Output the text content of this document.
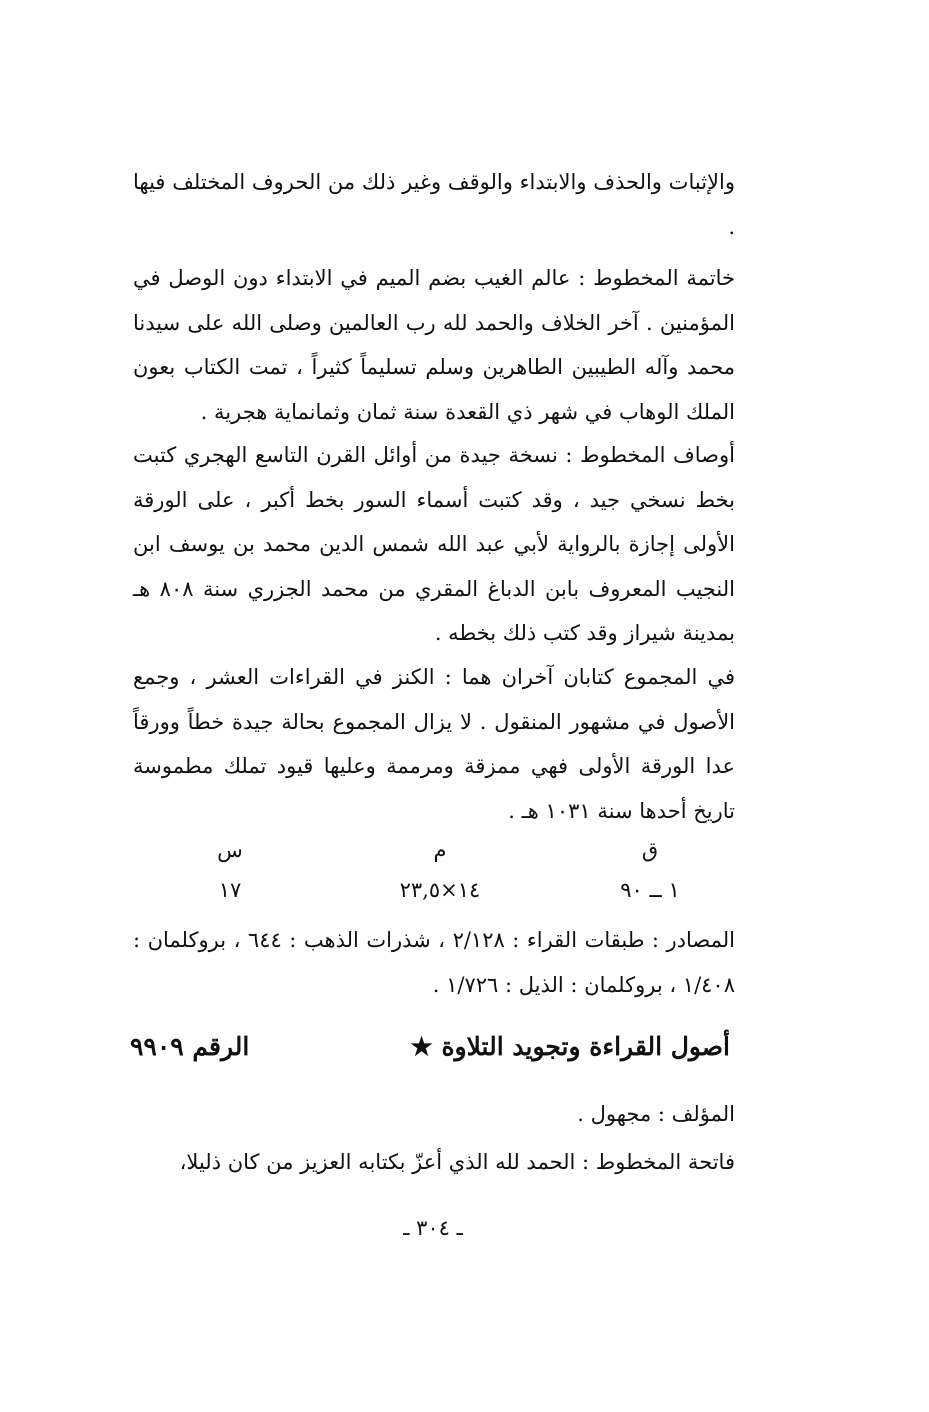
والإثبات والحذف والابتداء والوقف وغير ذلك من الحروف المختلف فيها .

خاتمة المخطوط : عالم الغيب بضم الميم في الابتداء دون الوصل في المؤمنين . آخر الخلاف والحمد لله رب العالمين وصلى الله على سيدنا محمد وآله الطيبين الطاهرين وسلم تسليماً كثيراً ، تمت الكتاب بعون الملك الوهاب في شهر ذي القعدة سنة ثمان وثمانماية هجرية .

أوصاف المخطوط : نسخة جيدة من أوائل القرن التاسع الهجري كتبت بخط نسخي جيد ، وقد كتبت أسماء السور بخط أكبر ، على الورقة الأولى إجازة بالرواية لأبي عبد الله شمس الدين محمد بن يوسف ابن النجيب المعروف بابن الدباغ المقري من محمد الجزري سنة ٨٠٨ هـ بمدينة شيراز وقد كتب ذلك بخطه .

في المجموع كتابان آخران هما : الكنز في القراءات العشر ، وجمع الأصول في مشهور المنقول . لا يزال المجموع بحالة جيدة خطاً وورقاً عدا الورقة الأولى فهي ممزقة ومرممة وعليها قيود تملك مطموسة تاريخ أحدها سنة ١٠٣١ هـ .

ق
١ ــ ٩٠
م
١٤×٢٣,٥
س
١٧

المصادر : طبقات القراء : ٢/١٢٨ ، شذرات الذهب : ٦٤٤ ، بروكلمان : ١/٤٠٨ ، بروكلمان : الذيل : ١/٧٢٦ .

أصول القراءة وتجويد التلاوة ★
الرقم ٩٩٠٩
المؤلف : مجهول .
فاتحة المخطوط : الحمد لله الذي أعزّ بكتابه العزيز من كان ذليلا،
ـ ٣٠٤ ـ
